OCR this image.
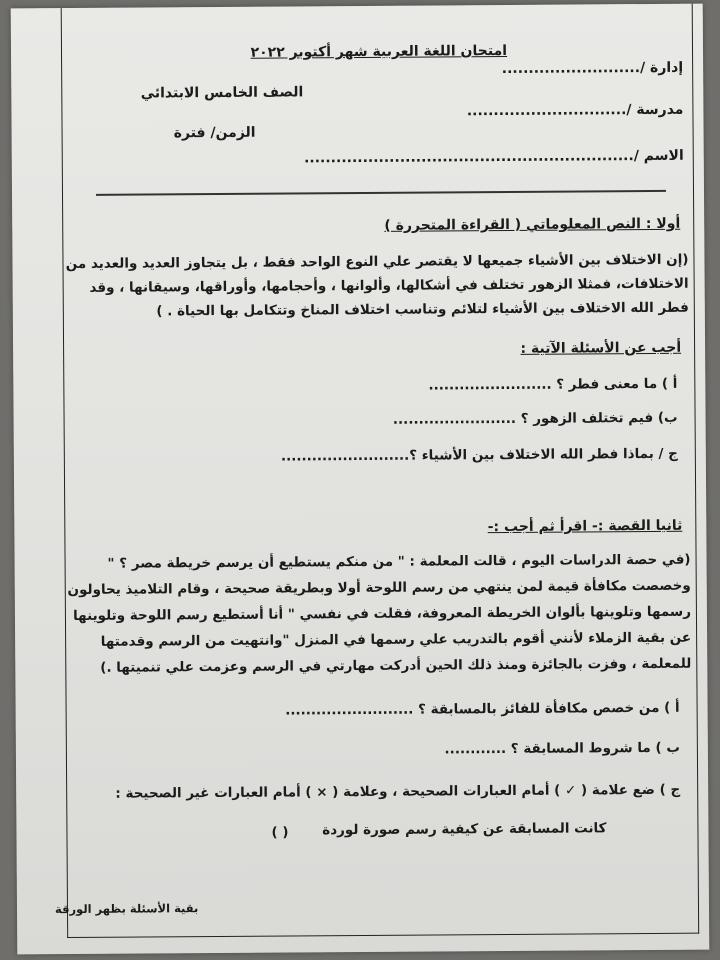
امتحان اللغة العربية شهر أكتوبر ٢٠٢٢
إدارة /..........................
الصف الخامس الابتدائي
مدرسة /..............................
الزمن/ فترة
الاسم /..............................................................
أولا : النص المعلوماتي ( القراءة المتحررة )
(إن الاختلاف بين الأشياء جميعها لا يقتصر علي النوع الواحد فقط ، بل يتجاوز العديد والعديد من
الاختلافات، فمثلا الزهور تختلف في أشكالها، وألوانها ، وأحجامها، وأوراقها، وسيقانها ، وقد
فطر الله الاختلاف بين الأشياء لتلائم وتناسب اختلاف المناخ وتتكامل بها الحياة . )
أجب عن الأسئلة الآتية :
أ ) ما معنى فطر ؟ ........................
ب) فيم تختلف الزهور ؟ ........................
ج / بماذا فطر الله الاختلاف بين الأشياء ؟.........................
ثانيا القصة :- اقرأ ثم أجب :-
(في حصة الدراسات اليوم ، قالت المعلمة : " من منكم يستطيع أن يرسم خريطة مصر ؟ "
وخصصت مكافأة قيمة لمن ينتهي من رسم اللوحة أولا وبطريقة صحيحة ، وقام التلاميذ يحاولون
رسمها وتلوينها بألوان الخريطة المعروفة، فقلت في نفسي " أنا أستطيع رسم اللوحة وتلوينها
عن بقية الزملاء لأنني أقوم بالتدريب علي رسمها في المنزل "وانتهيت من الرسم وقدمتها
للمعلمة ، وفزت بالجائزة ومنذ ذلك الحين أدركت مهارتي في الرسم وعزمت علي تنميتها .)
أ ) من خصص مكافأة للفائز بالمسابقة ؟ .........................
ب ) ما شروط المسابقة ؟ ............
ج ) ضع علامة ( ✓ ) أمام العبارات الصحيحة ، وعلامة ( × ) أمام العبارات غير الصحيحة :
كانت المسابقة عن كيفية رسم صورة لوردة
( )
بقية الأسئلة بظهر الورقة
